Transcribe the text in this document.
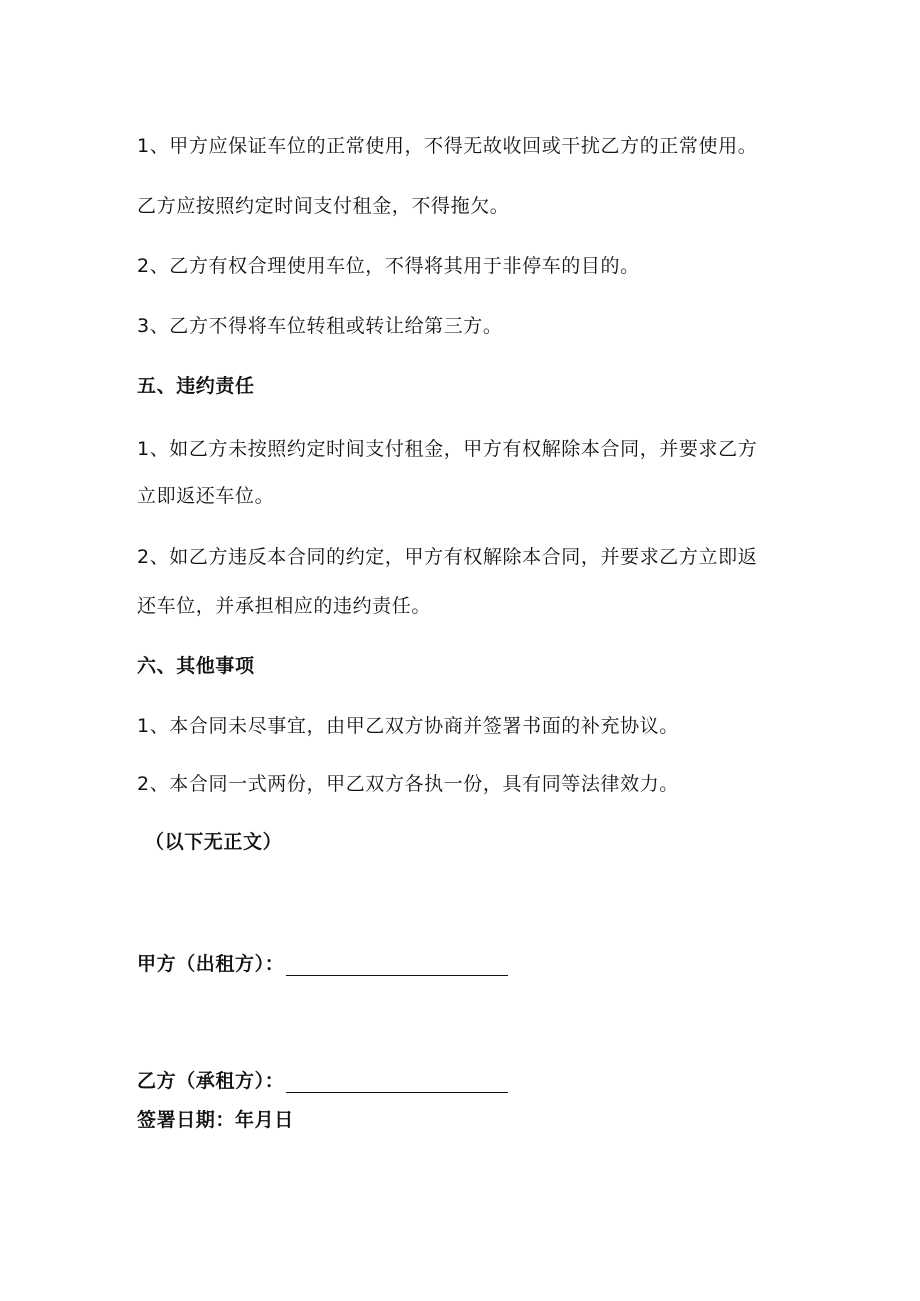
1、甲方应保证车位的正常使用，不得无故收回或干扰乙方的正常使用。
乙方应按照约定时间支付租金，不得拖欠。
2、乙方有权合理使用车位，不得将其用于非停车的目的。
3、乙方不得将车位转租或转让给第三方。
五、违约责任
1、如乙方未按照约定时间支付租金，甲方有权解除本合同，并要求乙方
立即返还车位。
2、如乙方违反本合同的约定，甲方有权解除本合同，并要求乙方立即返
还车位，并承担相应的违约责任。
六、其他事项
1、本合同未尽事宜，由甲乙双方协商并签署书面的补充协议。
2、本合同一式两份，甲乙双方各执一份，具有同等法律效力。
（以下无正文）
甲方（出租方）：
乙方（承租方）：
签署日期：年月日
